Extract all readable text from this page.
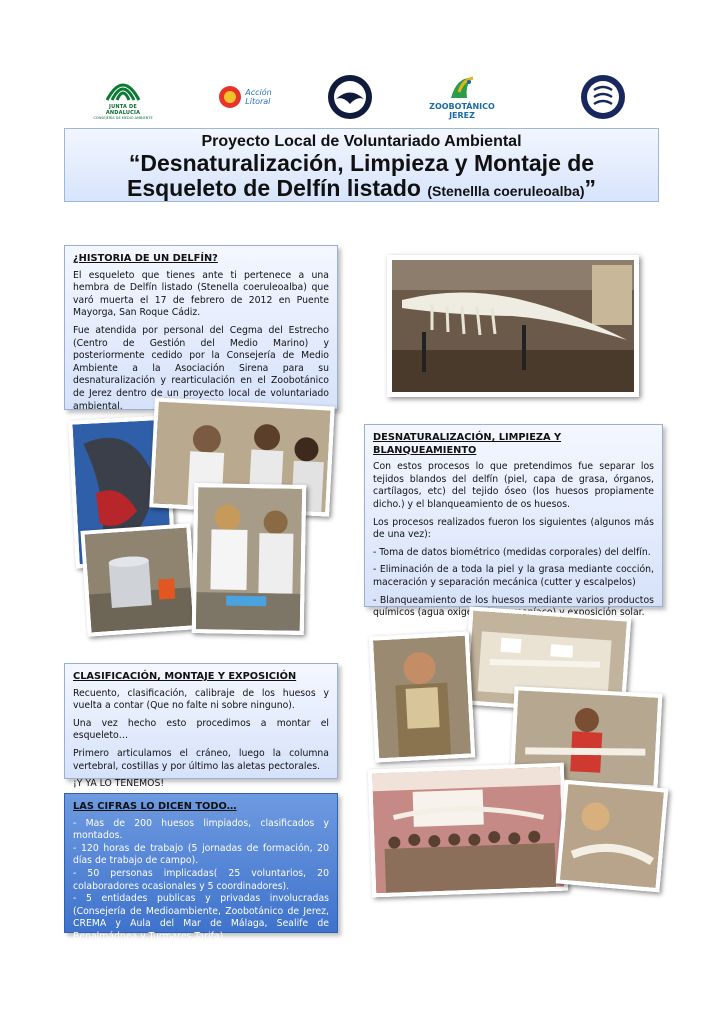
JUNTA DE ANDALUCIA
CONSEJERÍA DE MEDIO AMBIENTE
Acción
Litoral
ZOOBOTÁNICO
JEREZ
Proyecto Local de Voluntariado Ambiental
“Desnaturalización, Limpieza y Montaje de
Esqueleto de Delfín listado (Stenellla coeruleoalba)”
¿HISTORIA DE UN DELFÍN?

El esqueleto que tienes ante ti pertenece a una hembra de Delfín listado (Stenella coeruleoalba) que varó muerta el 17 de febrero de 2012 en Puente Mayorga, San Roque Cádiz.

Fue atendida por personal del Cegma del Estrecho (Centro de Gestión del Medio Marino) y posteriormente cedido por la Consejería de Medio Ambiente a la Asociación Sirena para su desnaturalización y rearticulación en el Zoobotánico de Jerez dentro de un proyecto local de voluntariado ambiental.

DESNATURALIZACIÓN, LIMPIEZA Y BLANQUEAMIENTO

Con estos procesos lo que pretendimos fue separar los tejidos blandos del delfín (piel, capa de grasa, órganos, cartílagos, etc) del tejido óseo (los huesos propiamente dicho.) y el blanqueamiento de os huesos.

Los procesos realizados fueron los siguientes (algunos más de una vez):

- Toma de datos biométrico (medidas corporales) del delfín.

- Eliminación de a toda la piel y la grasa mediante cocción, maceración y separación mecánica (cutter y escalpelos)

- Blanqueamiento de los huesos mediante varios productos químicos (agua oxigenada y amoníaco) y exposición solar.

CLASIFICACIÓN, MONTAJE Y EXPOSICIÓN

Recuento, clasificación, calibraje de los huesos y vuelta a contar (Que no falte ni sobre ninguno).

Una vez hecho esto procedimos a montar el esqueleto…

Primero articulamos el cráneo, luego la columna vertebral, costillas y por último las aletas pectorales.

¡Y YA LO TENEMOS!

LAS CIFRAS LO DICEN TODO…

- Mas de 200 huesos limpiados, clasificados y montados.

- 120 horas de trabajo (5 jornadas de formación, 20 días de trabajo de campo).

- 50 personas implicadas( 25 voluntarios, 20 colaboradores ocasionales y 5 coordinadores).

- 5 entidades publicas y privadas involucradas (Consejería de Medioambiente, Zoobotánico de Jerez, CREMA y Aula del Mar de Málaga, Sealife de Benalmádnea y Turmares Tarifa).
